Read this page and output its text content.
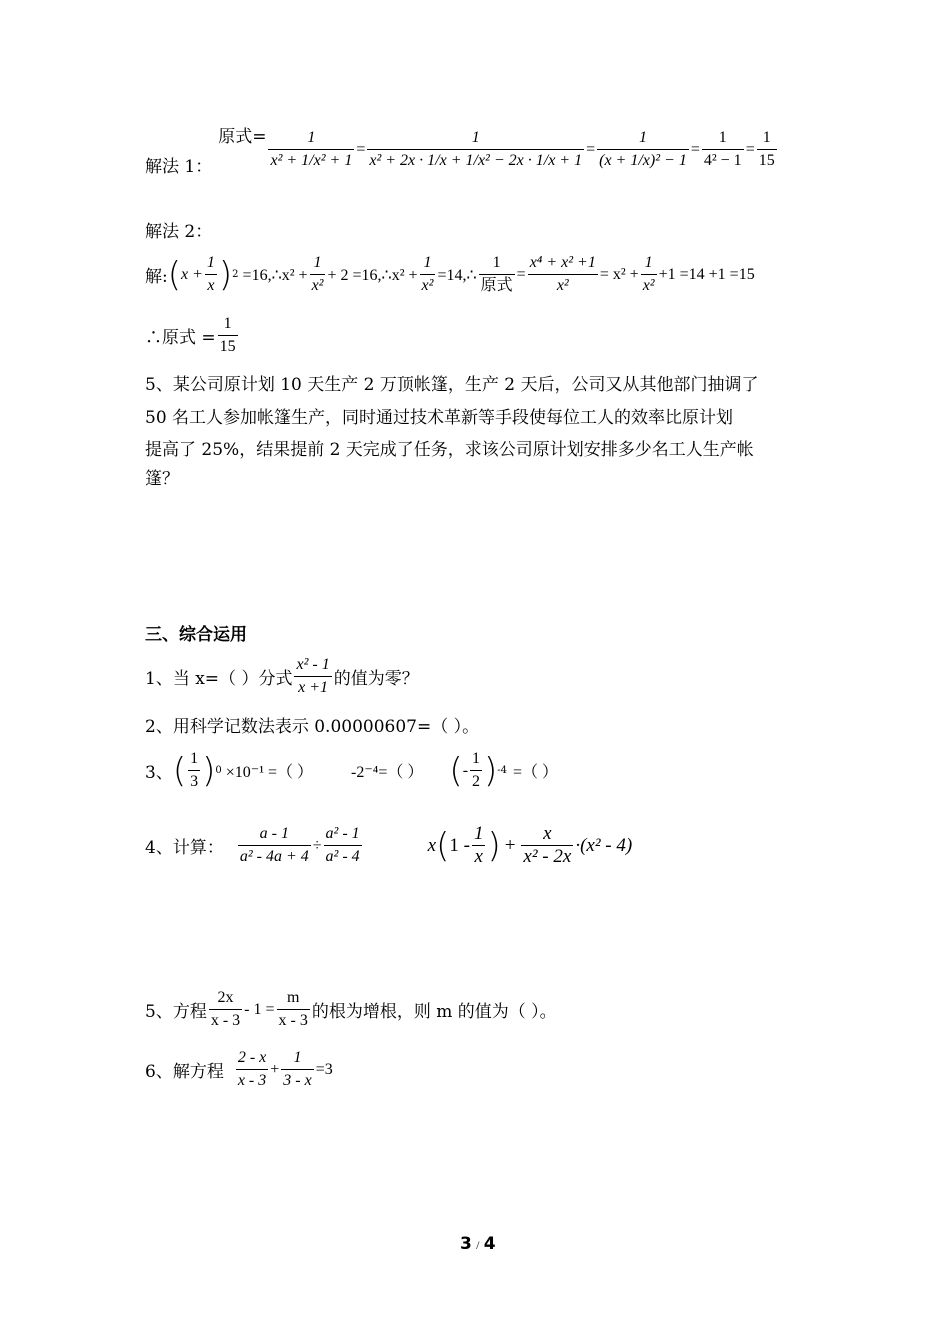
解法 1：
原式= $\frac{1}{\text{x² + 1/x² + 1}} = \frac{1}{\text{x² + 2x · 1/x + 1/x² − 2x · 1/x + 1}} = \frac{1}{\text{(x + 1/x)² − 1}} = \frac{1}{\text{4² − 1}} = \frac{1}{15}$
解法 2：
解: ( $x + \frac{1}{x}$ ) 2 =16,∴x² + $\frac{1}{\text{x²}} + 2$ =16,∴x² + $\frac{1}{\text{x²}}$ =14,∴
1
原式
= $\frac{\text{x⁴ + x² +1}}{\text{x²}} = x^2 + \frac{1}{\text{x²}} +1 =14 +1 =15$
∴原式 = $\frac{1}{15}$
5、某公司原计划 10 天生产 2 万顶帐篷，生产 2 天后，公司又从其他部门抽调了
50 名工人参加帐篷生产，同时通过技术革新等手段使每位工人的效率比原计划
提高了 25%，结果提前 2 天完成了任务，求该公司原计划安排多少名工人生产帐
篷？
三、综合运用
1、当 x=（ ）分式
x² - 1
x +1 的值为零？
2、用科学记数法表示 0.00000607=（ ）。
3、 ( 1
3 ) 0 ×10⁻¹ =（ ） -2⁻⁴=（ ） ( -
1
2 ) -4 =（ ）
4、计算： $\frac{a - 1}{\text{a² - 4a + 4}} \div \frac{\text{a² - 1}}{\text{a² - 4}}$	x ( 1 -
1
x ) + $\frac{x}{\text{x² - 2x}} \cdot(x^2 - 4)$
5、方程
2x
x - 3
- $1 = \frac{m}{x - 3}$ 的根为增根，则 m 的值为（ ）。
6、解方程
2 - x
x - 3
+ $\frac{1}{3 - x} =3$
3 / 4
